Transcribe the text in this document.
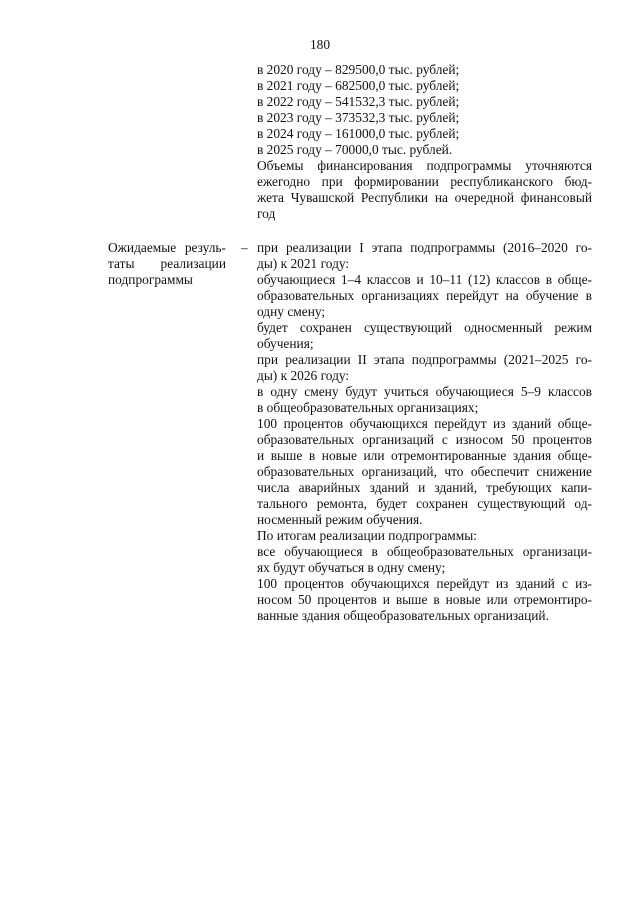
180
в 2020 году – 829500,0 тыс. рублей;
в 2021 году – 682500,0 тыс. рублей;
в 2022 году – 541532,3 тыс. рублей;
в 2023 году – 373532,3 тыс. рублей;
в 2024 году – 161000,0 тыс. рублей;
в 2025 году – 70000,0 тыс. рублей.
Объемы финансирования подпрограммы уточняются
ежегодно при формировании республиканского бюд-
жета Чувашской Республики на очередной финансовый
год
Ожидаемые резуль-
таты реализации
подпрограммы
– при реализации I этапа подпрограммы (2016–2020 го-
ды) к 2021 году:
обучающиеся 1–4 классов и 10–11 (12) классов в обще-
образовательных организациях перейдут на обучение в
одну смену;
будет сохранен существующий односменный режим
обучения;
при реализации II этапа подпрограммы (2021–2025 го-
ды) к 2026 году:
в одну смену будут учиться обучающиеся 5–9 классов
в общеобразовательных организациях;
100 процентов обучающихся перейдут из зданий обще-
образовательных организаций с износом 50 процентов
и выше в новые или отремонтированные здания обще-
образовательных организаций, что обеспечит снижение
числа аварийных зданий и зданий, требующих капи-
тального ремонта, будет сохранен существующий од-
носменный режим обучения.
По итогам реализации подпрограммы:
все обучающиеся в общеобразовательных организаци-
ях будут обучаться в одну смену;
100 процентов обучающихся перейдут из зданий с из-
носом 50 процентов и выше в новые или отремонтиро-
ванные здания общеобразовательных организаций.
